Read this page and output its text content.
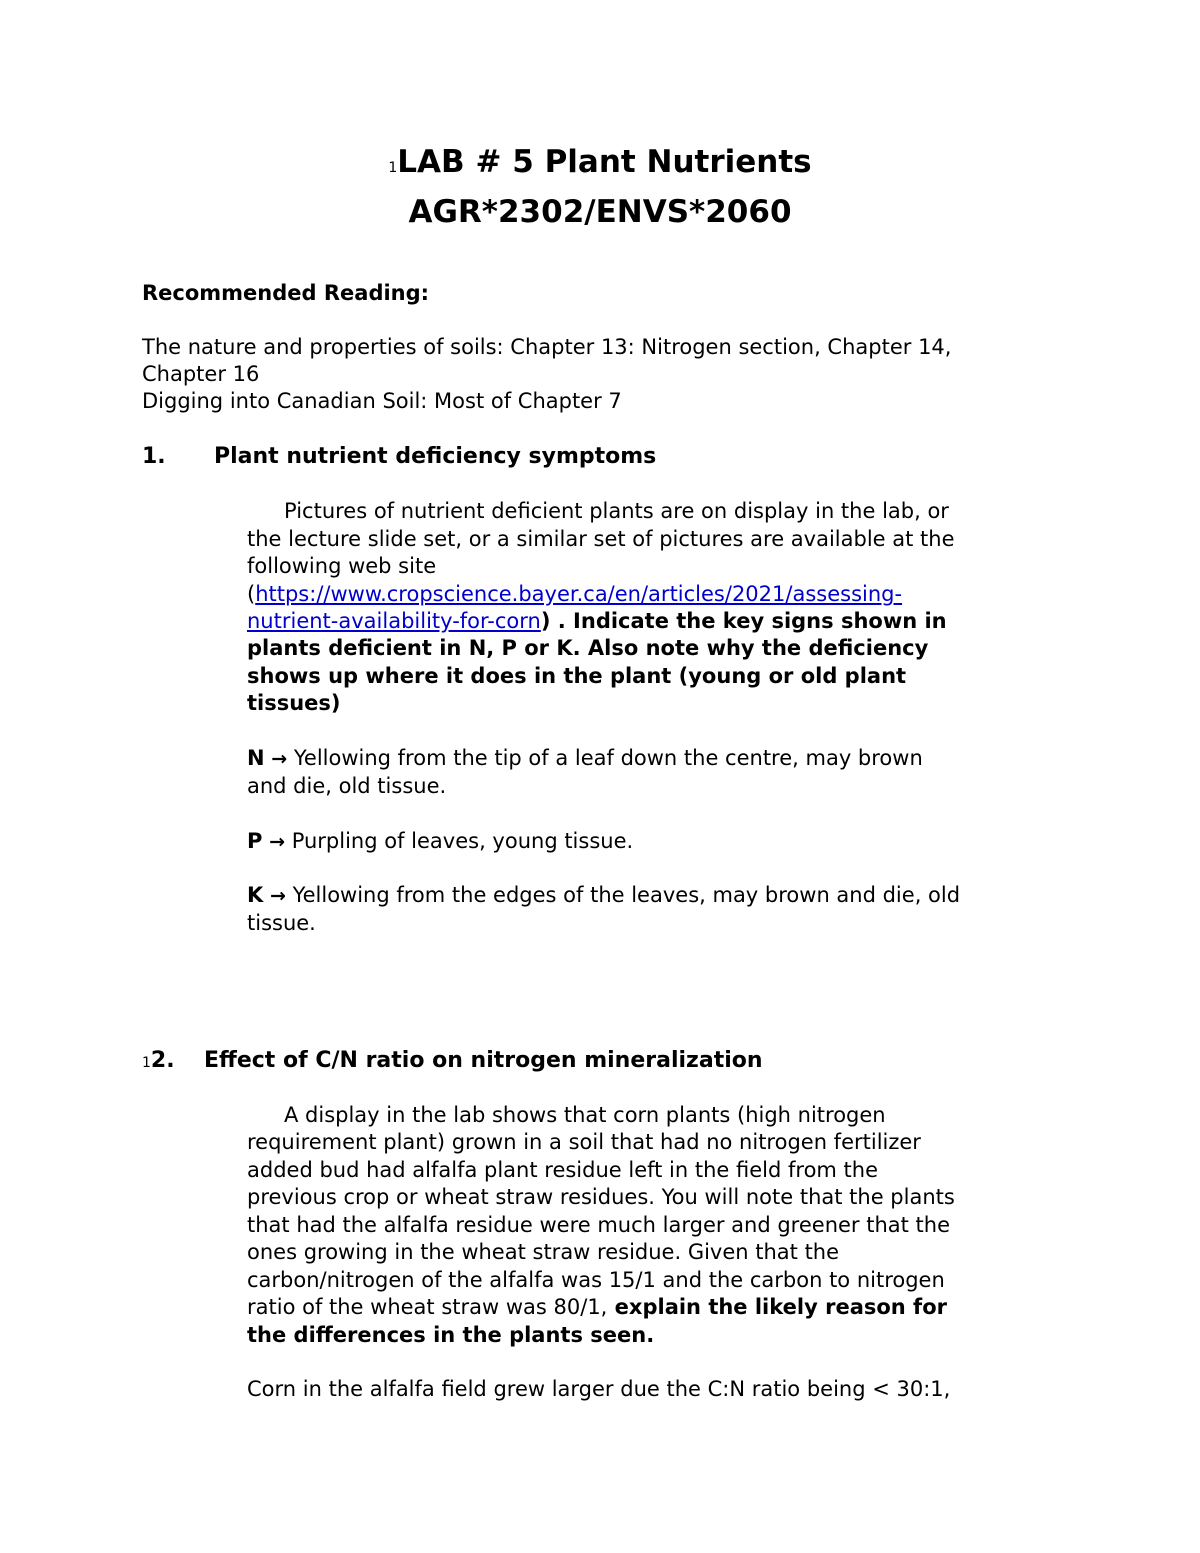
1LAB # 5 Plant Nutrients
AGR*2302/ENVS*2060
Recommended Reading:
The nature and properties of soils: Chapter 13: Nitrogen section, Chapter 14,
Chapter 16
Digging into Canadian Soil: Most of Chapter 7
1. Plant nutrient deficiency symptoms
Pictures of nutrient deficient plants are on display in the lab, or
the lecture slide set, or a similar set of pictures are available at the
following web site
(https://www.cropscience.bayer.ca/en/articles/2021/assessing-
nutrient-availability-for-corn) . Indicate the key signs shown in
plants deficient in N, P or K. Also note why the deficiency
shows up where it does in the plant (young or old plant
tissues)
N → Yellowing from the tip of a leaf down the centre, may brown
and die, old tissue.
P → Purpling of leaves, young tissue.
K → Yellowing from the edges of the leaves, may brown and die, old
tissue.
12. Effect of C/N ratio on nitrogen mineralization
A display in the lab shows that corn plants (high nitrogen
requirement plant) grown in a soil that had no nitrogen fertilizer
added bud had alfalfa plant residue left in the field from the
previous crop or wheat straw residues. You will note that the plants
that had the alfalfa residue were much larger and greener that the
ones growing in the wheat straw residue. Given that the
carbon/nitrogen of the alfalfa was 15/1 and the carbon to nitrogen
ratio of the wheat straw was 80/1, explain the likely reason for
the differences in the plants seen.
Corn in the alfalfa field grew larger due the C:N ratio being < 30:1,
